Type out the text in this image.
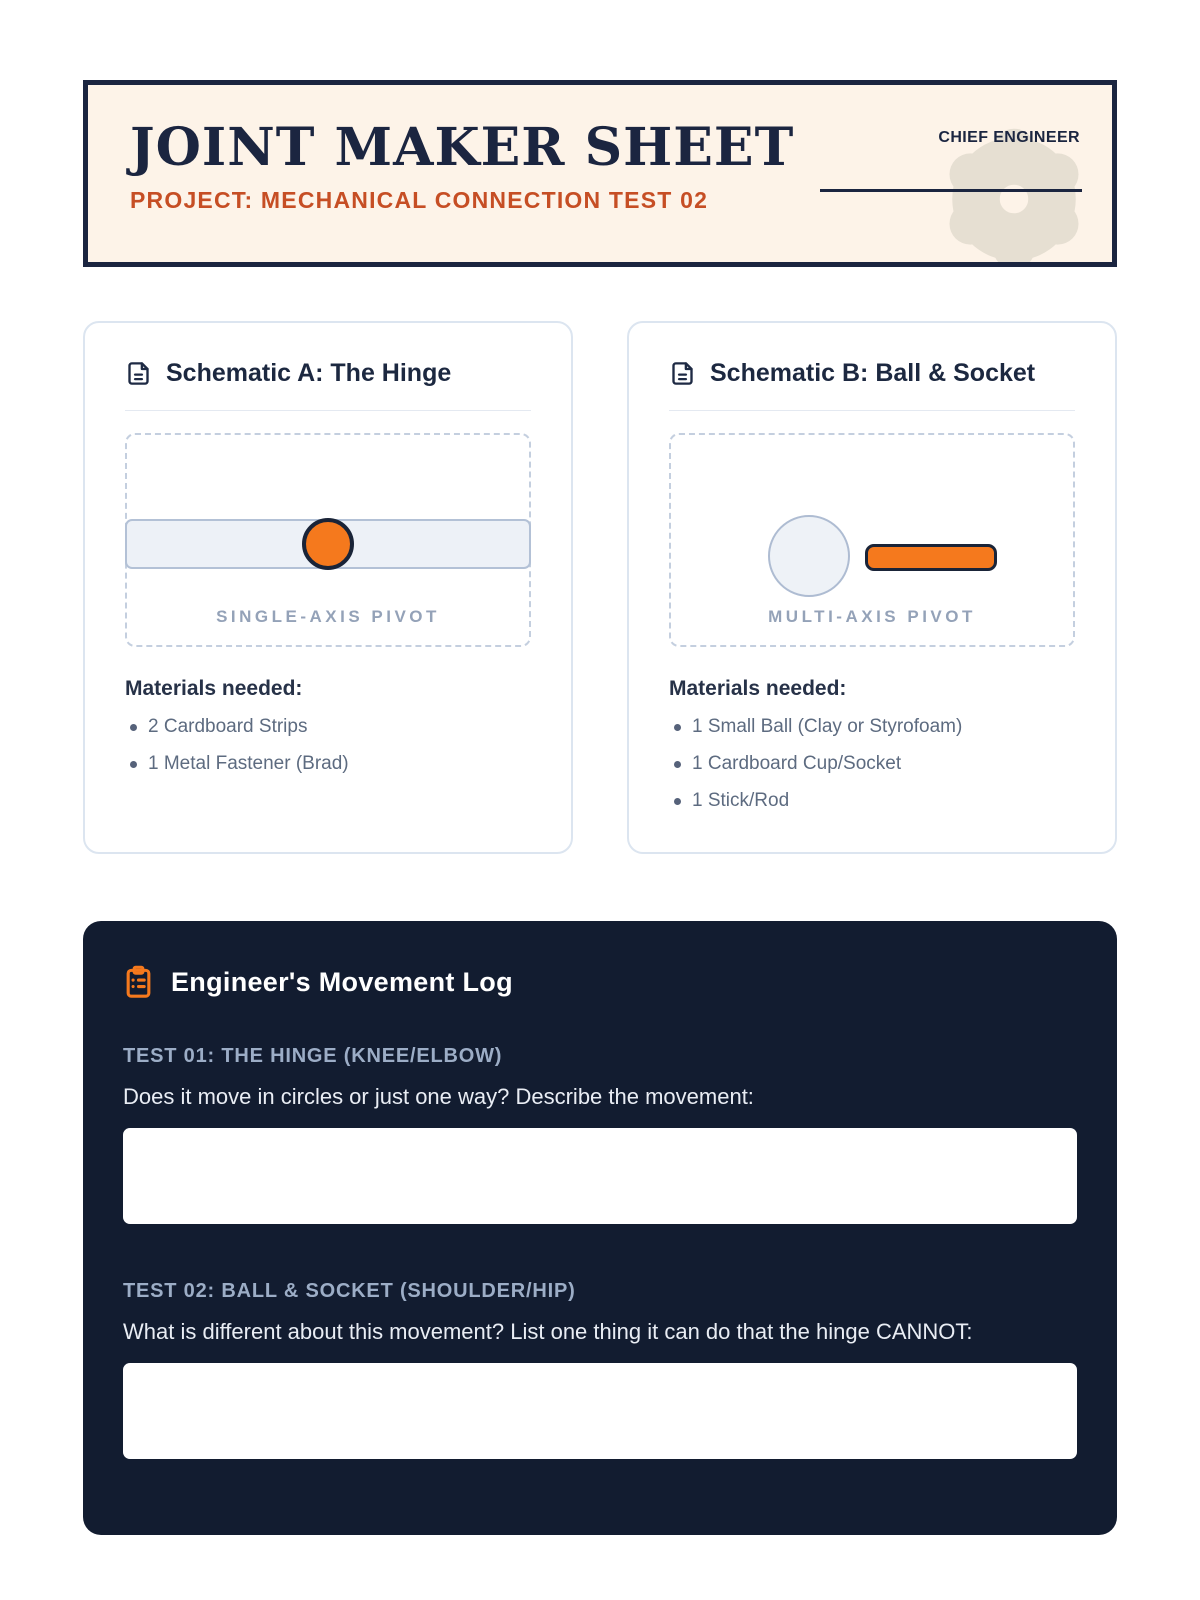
JOINT MAKER SHEET
PROJECT: MECHANICAL CONNECTION TEST 02
CHIEF ENGINEER
Schematic A: The Hinge
SINGLE-AXIS PIVOT
Materials needed:
2 Cardboard Strips
1 Metal Fastener (Brad)
Schematic B: Ball & Socket
MULTI-AXIS PIVOT
Materials needed:
1 Small Ball (Clay or Styrofoam)
1 Cardboard Cup/Socket
1 Stick/Rod
Engineer's Movement Log
TEST 01: THE HINGE (KNEE/ELBOW)
Does it move in circles or just one way? Describe the movement:
TEST 02: BALL & SOCKET (SHOULDER/HIP)
What is different about this movement? List one thing it can do that the hinge CANNOT:
